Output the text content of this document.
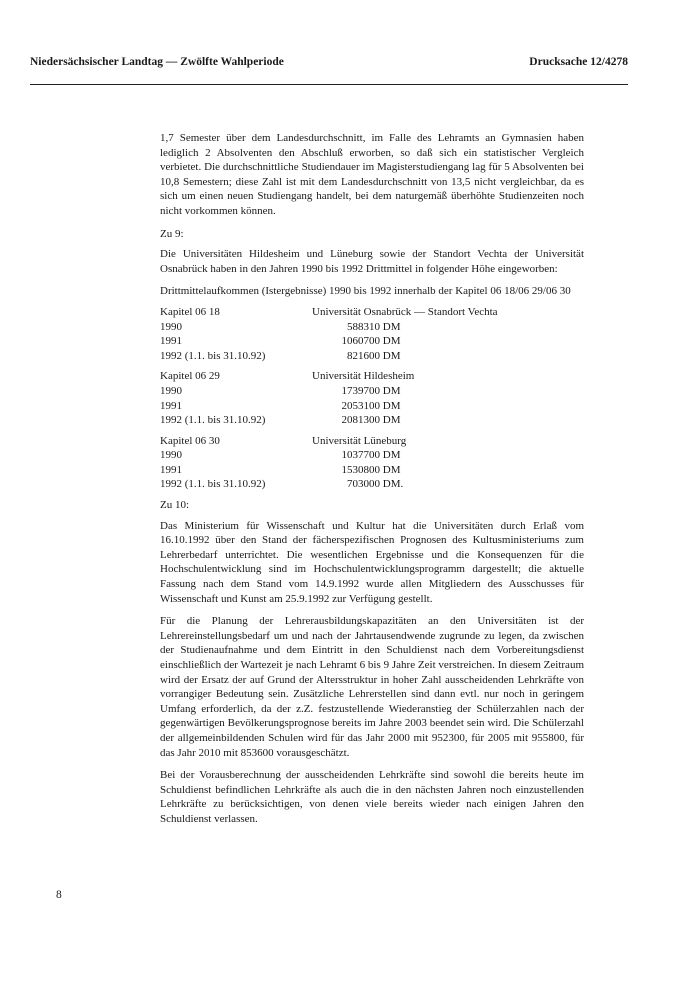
Niedersächsischer Landtag — Zwölfte Wahlperiode	Drucksache 12/4278

1,7 Semester über dem Landesdurchschnitt, im Falle des Lehramts an Gymnasien haben lediglich 2 Absolventen den Abschluß erworben, so daß sich ein statistischer Vergleich verbietet. Die durchschnittliche Studiendauer im Magisterstudiengang lag für 5 Absolventen bei 10,8 Semestern; diese Zahl ist mit dem Landesdurchschnitt von 13,5 nicht vergleichbar, da es sich um einen neuen Studiengang handelt, bei dem naturgemäß überhöhte Studienzeiten noch nicht vorkommen können.

Zu 9:

Die Universitäten Hildesheim und Lüneburg sowie der Standort Vechta der Universität Osnabrück haben in den Jahren 1990 bis 1992 Drittmittel in folgender Höhe eingeworben:

Drittmittelaufkommen (Istergebnisse) 1990 bis 1992 innerhalb der Kapitel 06 18/06 29/06 30

Kapitel 06 18	Universität Osnabrück — Standort Vechta
1990	588310 DM
1991	1060700 DM
1992 (1.1. bis 31.10.92)	821600 DM
Kapitel 06 29	Universität Hildesheim
1990	1739700 DM
1991	2053100 DM
1992 (1.1. bis 31.10.92)	2081300 DM
Kapitel 06 30	Universität Lüneburg
1990	1037700 DM
1991	1530800 DM
1992 (1.1. bis 31.10.92)	703000 DM.

Zu 10:

Das Ministerium für Wissenschaft und Kultur hat die Universitäten durch Erlaß vom 16.10.1992 über den Stand der fächerspezifischen Prognosen des Kultusministeriums zum Lehrerbedarf unterrichtet. Die wesentlichen Ergebnisse und die Konsequenzen für die Hochschulentwicklung sind im Hochschulentwicklungsprogramm dargestellt; die aktuelle Fassung nach dem Stand vom 14.9.1992 wurde allen Mitgliedern des Ausschusses für Wissenschaft und Kunst am 25.9.1992 zur Verfügung gestellt.

Für die Planung der Lehrerausbildungskapazitäten an den Universitäten ist der Lehrereinstellungsbedarf um und nach der Jahrtausendwende zugrunde zu legen, da zwischen der Studienaufnahme und dem Eintritt in den Schuldienst nach dem Vorbereitungsdienst einschließlich der Wartezeit je nach Lehramt 6 bis 9 Jahre Zeit verstreichen. In diesem Zeitraum wird der Ersatz der auf Grund der Altersstruktur in hoher Zahl ausscheidenden Lehrkräfte von vorrangiger Bedeutung sein. Zusätzliche Lehrerstellen sind dann evtl. nur noch in geringem Umfang erforderlich, da der z.Z. festzustellende Wiederanstieg der Schülerzahlen nach der gegenwärtigen Bevölkerungsprognose bereits im Jahre 2003 beendet sein wird. Die Schülerzahl der allgemeinbildenden Schulen wird für das Jahr 2000 mit 952300, für 2005 mit 955800, für das Jahr 2010 mit 853600 vorausgeschätzt.

Bei der Vorausberechnung der ausscheidenden Lehrkräfte sind sowohl die bereits heute im Schuldienst befindlichen Lehrkräfte als auch die in den nächsten Jahren noch einzustellenden Lehrkräfte zu berücksichtigen, von denen viele bereits wieder nach einigen Jahren den Schuldienst verlassen.

8
